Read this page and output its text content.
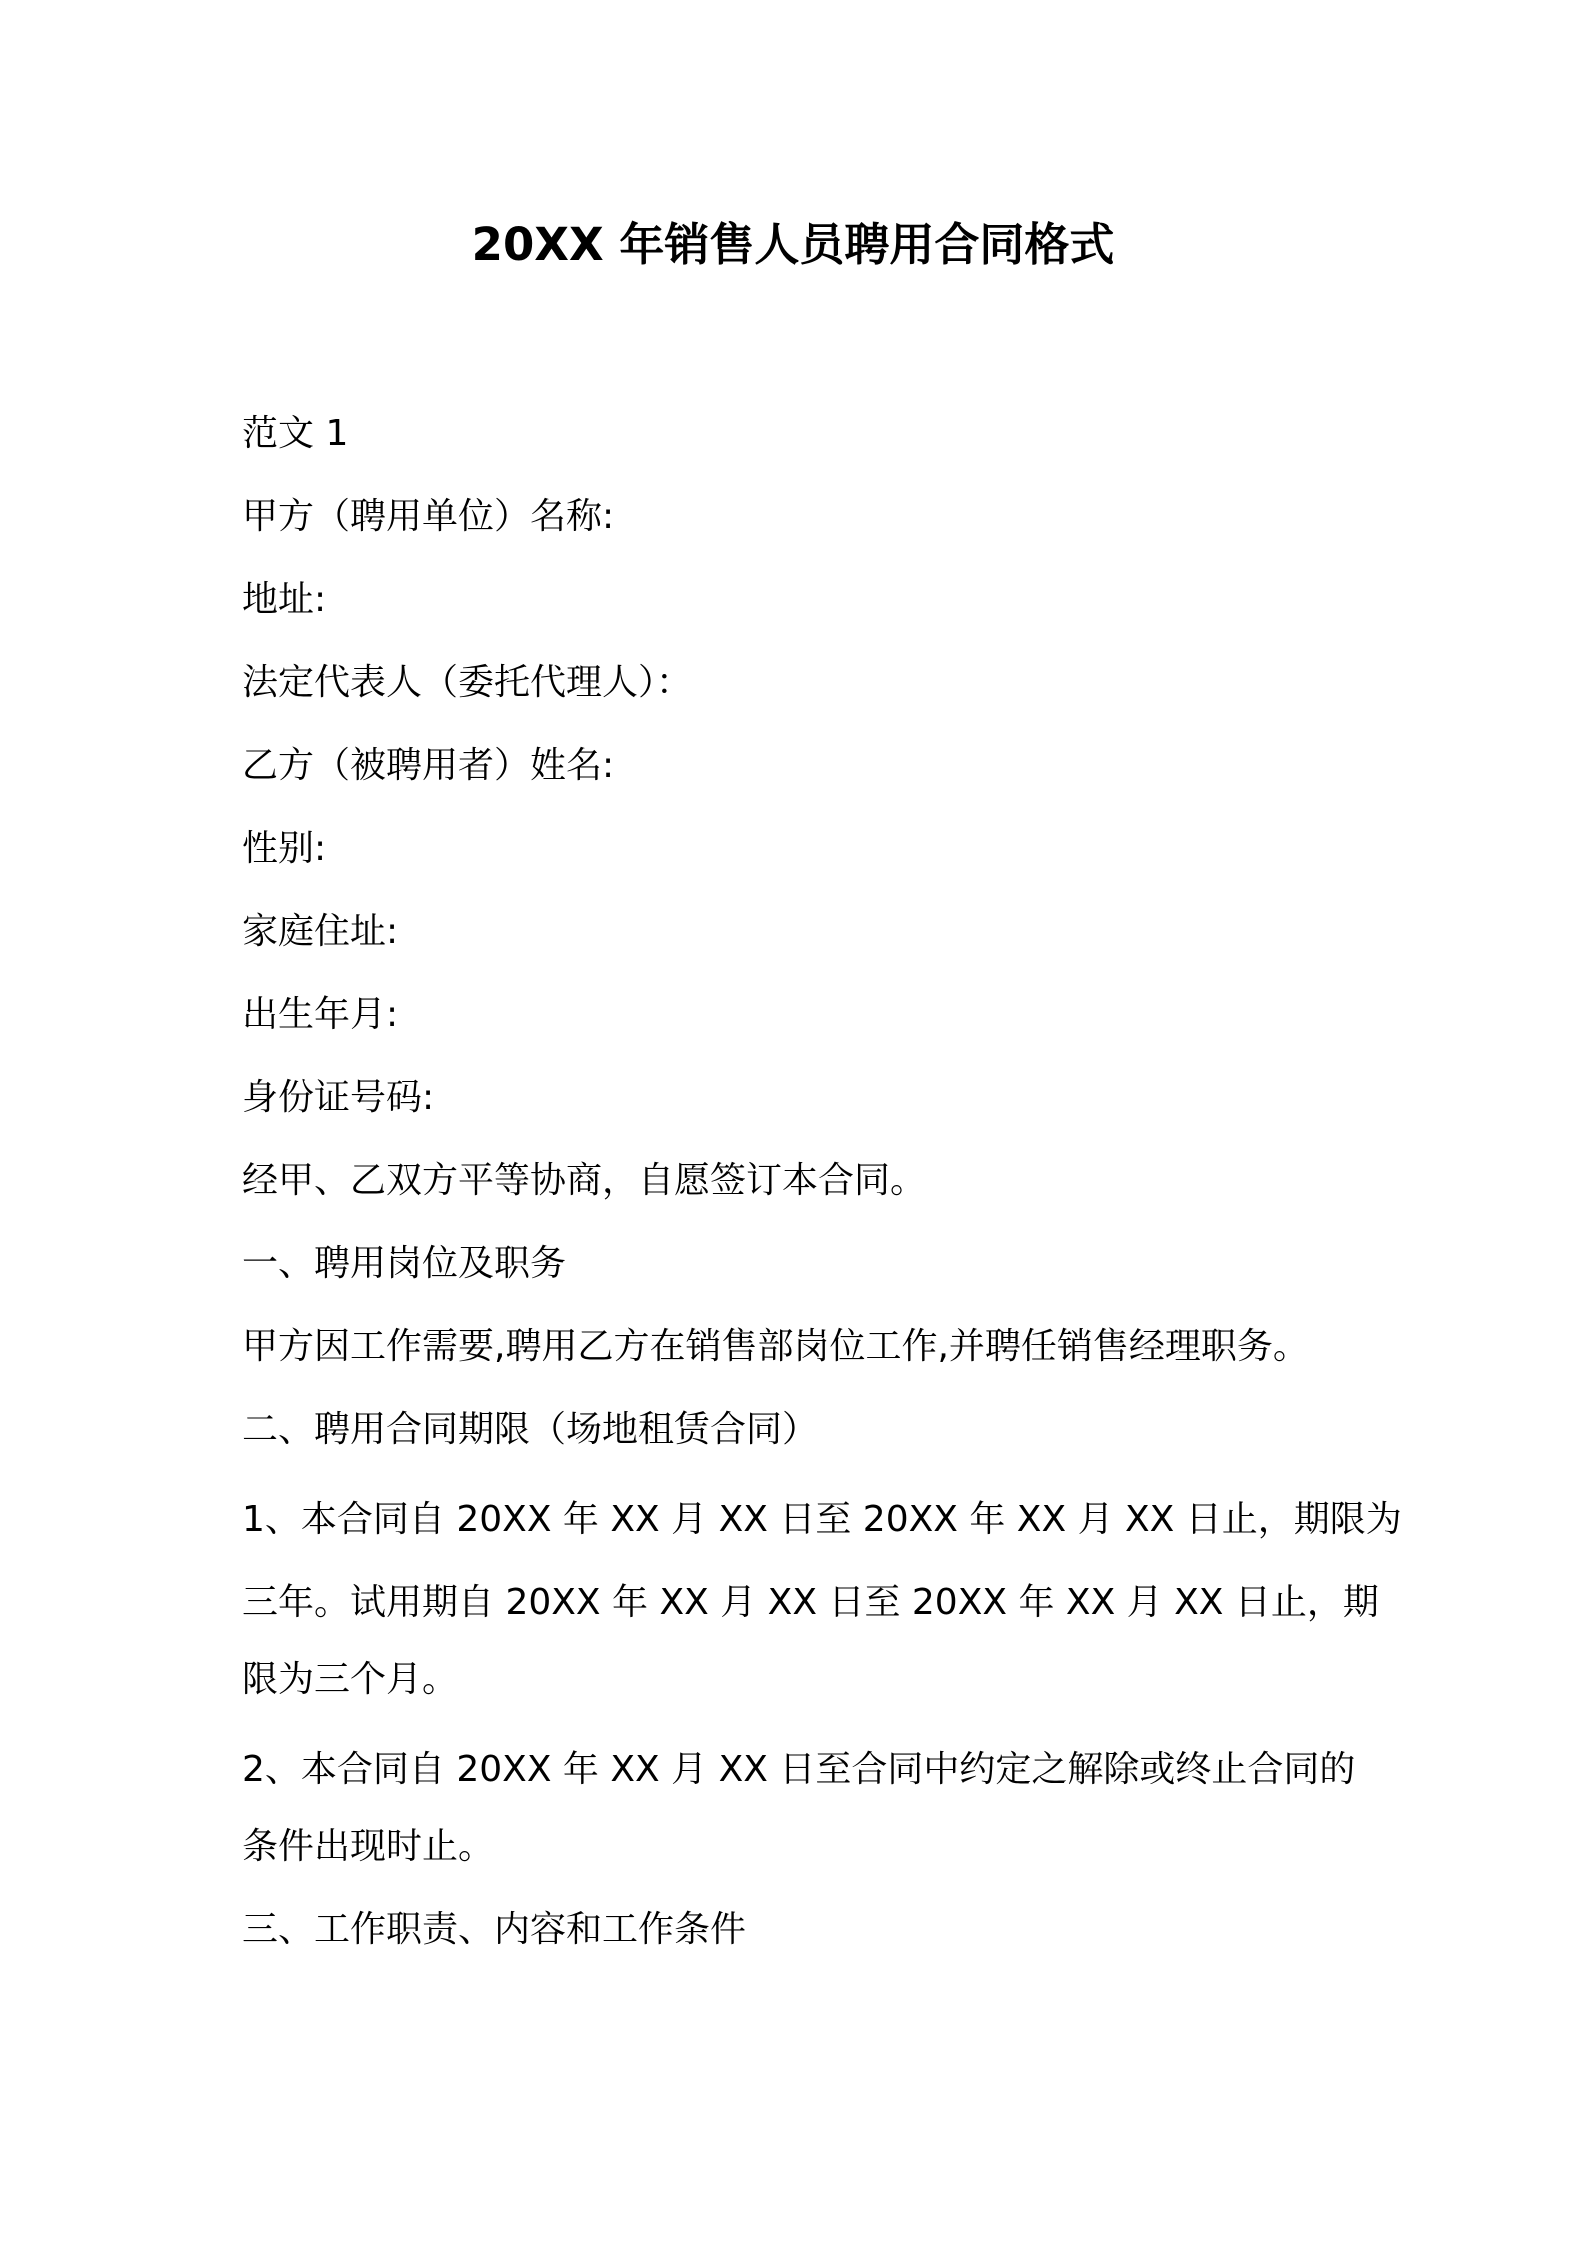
20XX 年销售人员聘用合同格式
范文 1
甲方（聘用单位）名称:
地址:
法定代表人（委托代理人）：
乙方（被聘用者）姓名:
性别:
家庭住址:
出生年月:
身份证号码:
经甲、乙双方平等协商，自愿签订本合同。
一、聘用岗位及职务
甲方因工作需要,聘用乙方在销售部岗位工作,并聘任销售经理职务。
二、聘用合同期限（场地租赁合同）
1、本合同自 20XX 年 XX 月 XX 日至 20XX 年 XX 月 XX 日止，期限为
三年。试用期自 20XX 年 XX 月 XX 日至 20XX 年 XX 月 XX 日止，期
限为三个月。
2、本合同自 20XX 年 XX 月 XX 日至合同中约定之解除或终止合同的
条件出现时止。
三、工作职责、内容和工作条件
